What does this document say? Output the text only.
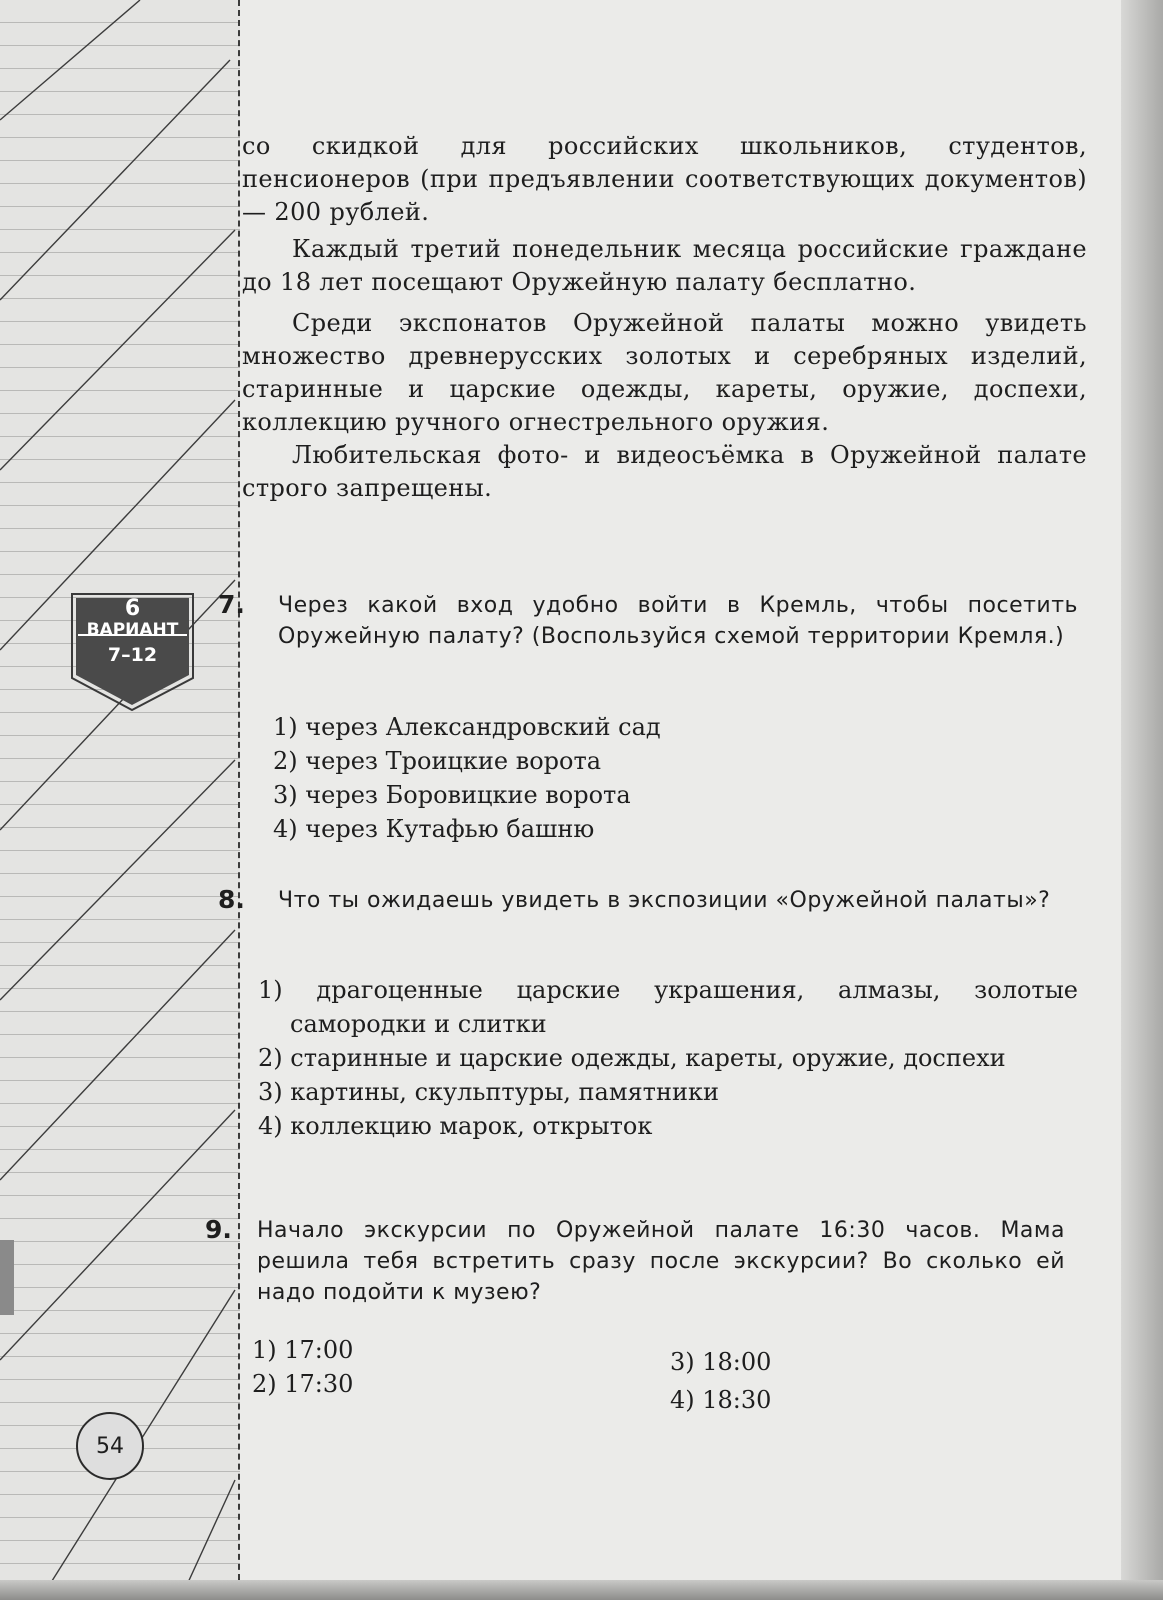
со скидкой для российских школьников, студентов, пенсионеров (при предъявлении соответствующих документов) — 200 рублей.

Каждый третий понедельник месяца российские граждане до 18 лет посещают Оружейную палату бесплатно.

Среди экспонатов Оружейной палаты можно увидеть множество древнерусских золотых и серебряных изделий, старинные и царские одежды, кареты, оружие, доспехи, коллекцию ручного огнестрельного оружия.

Любительская фото- и видеосъёмка в Оружейной палате строго запрещены.

6
ВАРИАНТ
7–12
7. Через какой вход удобно войти в Кремль, чтобы посетить Оружейную палату? (Воспользуйся схемой территории Кремля.)

1) через Александровский сад
2) через Троицкие ворота
3) через Боровицкие ворота
4) через Кутафью башню
8. Что ты ожидаешь увидеть в экспозиции «Оружейной палаты»?

1) драгоценные царские украшения, алмазы, золотые самородки и слитки
2) старинные и царские одежды, кареты, оружие, доспехи
3) картины, скульптуры, памятники
4) коллекцию марок, открыток
9. Начало экскурсии по Оружейной палате 16:30 часов. Мама решила тебя встретить сразу после экскурсии? Во сколько ей надо подойти к музею?

1) 17:00
2) 17:30
3) 18:00
4) 18:30
54
